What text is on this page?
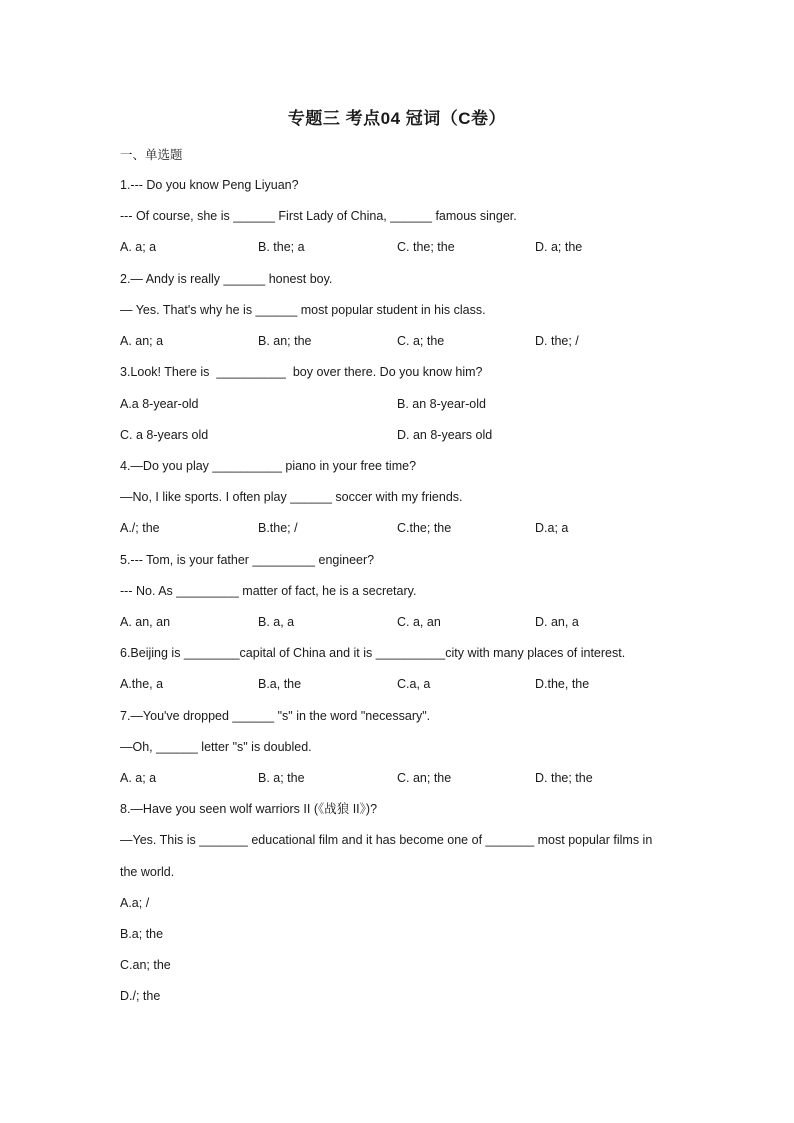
专题三 考点04 冠词（C卷）
一、单选题
1.--- Do you know Peng Liyuan?
--- Of course, she is ______ First Lady of China, ______ famous singer.
A. a; a	B. the; a	C. the; the	D. a; the
2.— Andy is really ______ honest boy.
— Yes. That's why he is ______ most popular student in his class.
A. an; a	B. an; the	C. a; the	D. the; /
3.Look! There is  __________  boy over there. Do you know him?
A.a 8-year-old	B. an 8-year-old
C. a 8-years old	D. an 8-years old
4.—Do you play __________ piano in your free time?
—No, I like sports. I often play ______ soccer with my friends.
A./; the	B.the; /	C.the; the	D.a; a
5.--- Tom, is your father _________ engineer?
--- No. As _________ matter of fact, he is a secretary.
A. an, an	B. a, a	C. a, an	D. an, a
6.Beijing is ________capital of China and it is __________city with many places of interest.
A.the, a	B.a, the	C.a, a	D.the, the
7.—You've dropped ______ "s" in the word "necessary".
—Oh, ______ letter "s" is doubled.
A. a; a	B. a; the	C. an; the	D. the; the
8.—Have you seen wolf warriors II (《战狼 II》)?
—Yes. This is _______ educational film and it has become one of _______ most popular films in
the world.
A.a; /
B.a; the
C.an; the
D./; the
